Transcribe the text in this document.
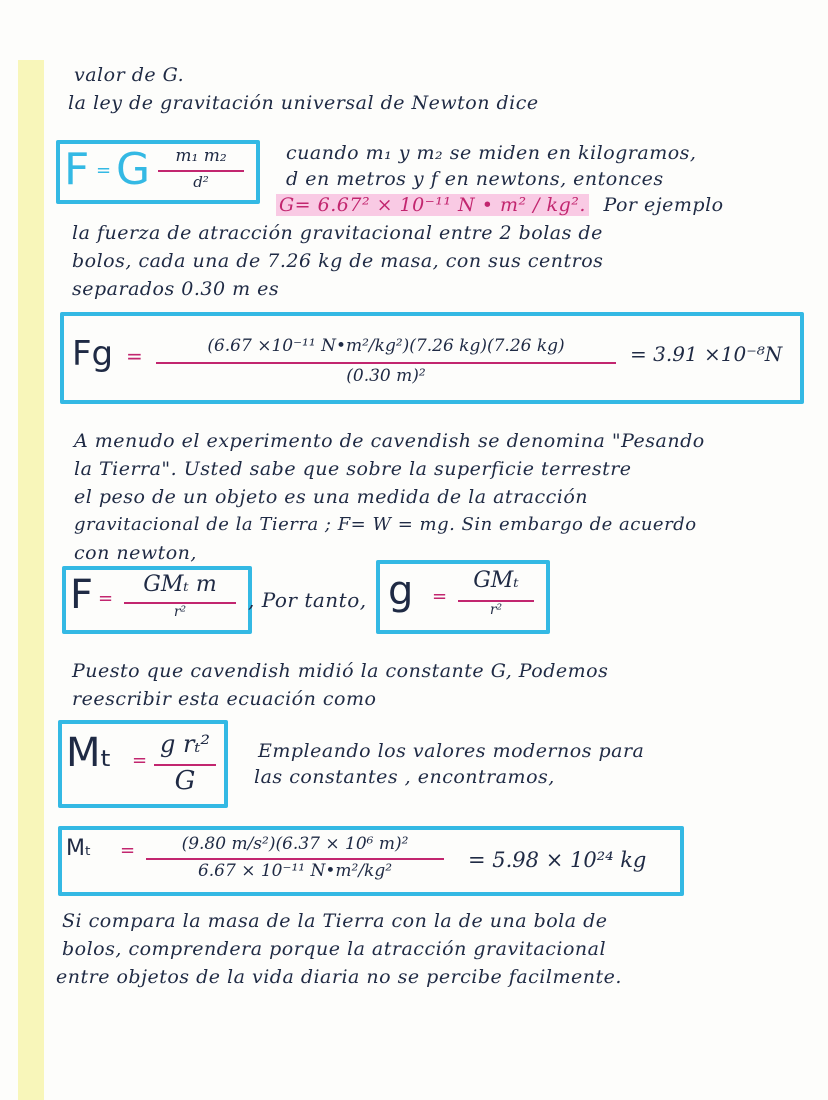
valor de G.
la ley de gravitación universal de Newton dice
F = G	m₁ m₂
d²
cuando m₁ y m₂ se miden en kilogramos,
d en metros y f en newtons, entonces
G= 6.67² × 10⁻¹¹ N • m² / kg². Por ejemplo
la fuerza de atracción gravitacional entre 2 bolas de
bolos, cada una de 7.26 kg de masa, con sus centros
separados 0.30 m es
Fg =	(6.67 ×10⁻¹¹ N•m²/kg²)(7.26 kg)(7.26 kg)
(0.30 m)²
= 3.91 ×10⁻⁸N
A menudo el experimento de cavendish se denomina "Pesando
la Tierra". Usted sabe que sobre la superficie terrestre
el peso de un objeto es una medida de la atracción
gravitacional de la Tierra ; F= W = mg. Sin embargo de acuerdo
con newton,
F =
GMₜ m
r²	, Por tanto, g =
GMₜ
r²
Puesto que cavendish midió la constante G, Podemos
reescribir esta ecuación como
Mₜ =
g rₜ²
G
Empleando los valores modernos para
las constantes , encontramos,
Mₜ =	(9.80 m/s²)(6.37 × 10⁶ m)²
6.67 × 10⁻¹¹ N•m²/kg²	= 5.98 × 10²⁴ kg
Si compara la masa de la Tierra con la de una bola de
bolos, comprendera porque la atracción gravitacional
entre objetos de la vida diaria no se percibe facilmente.
